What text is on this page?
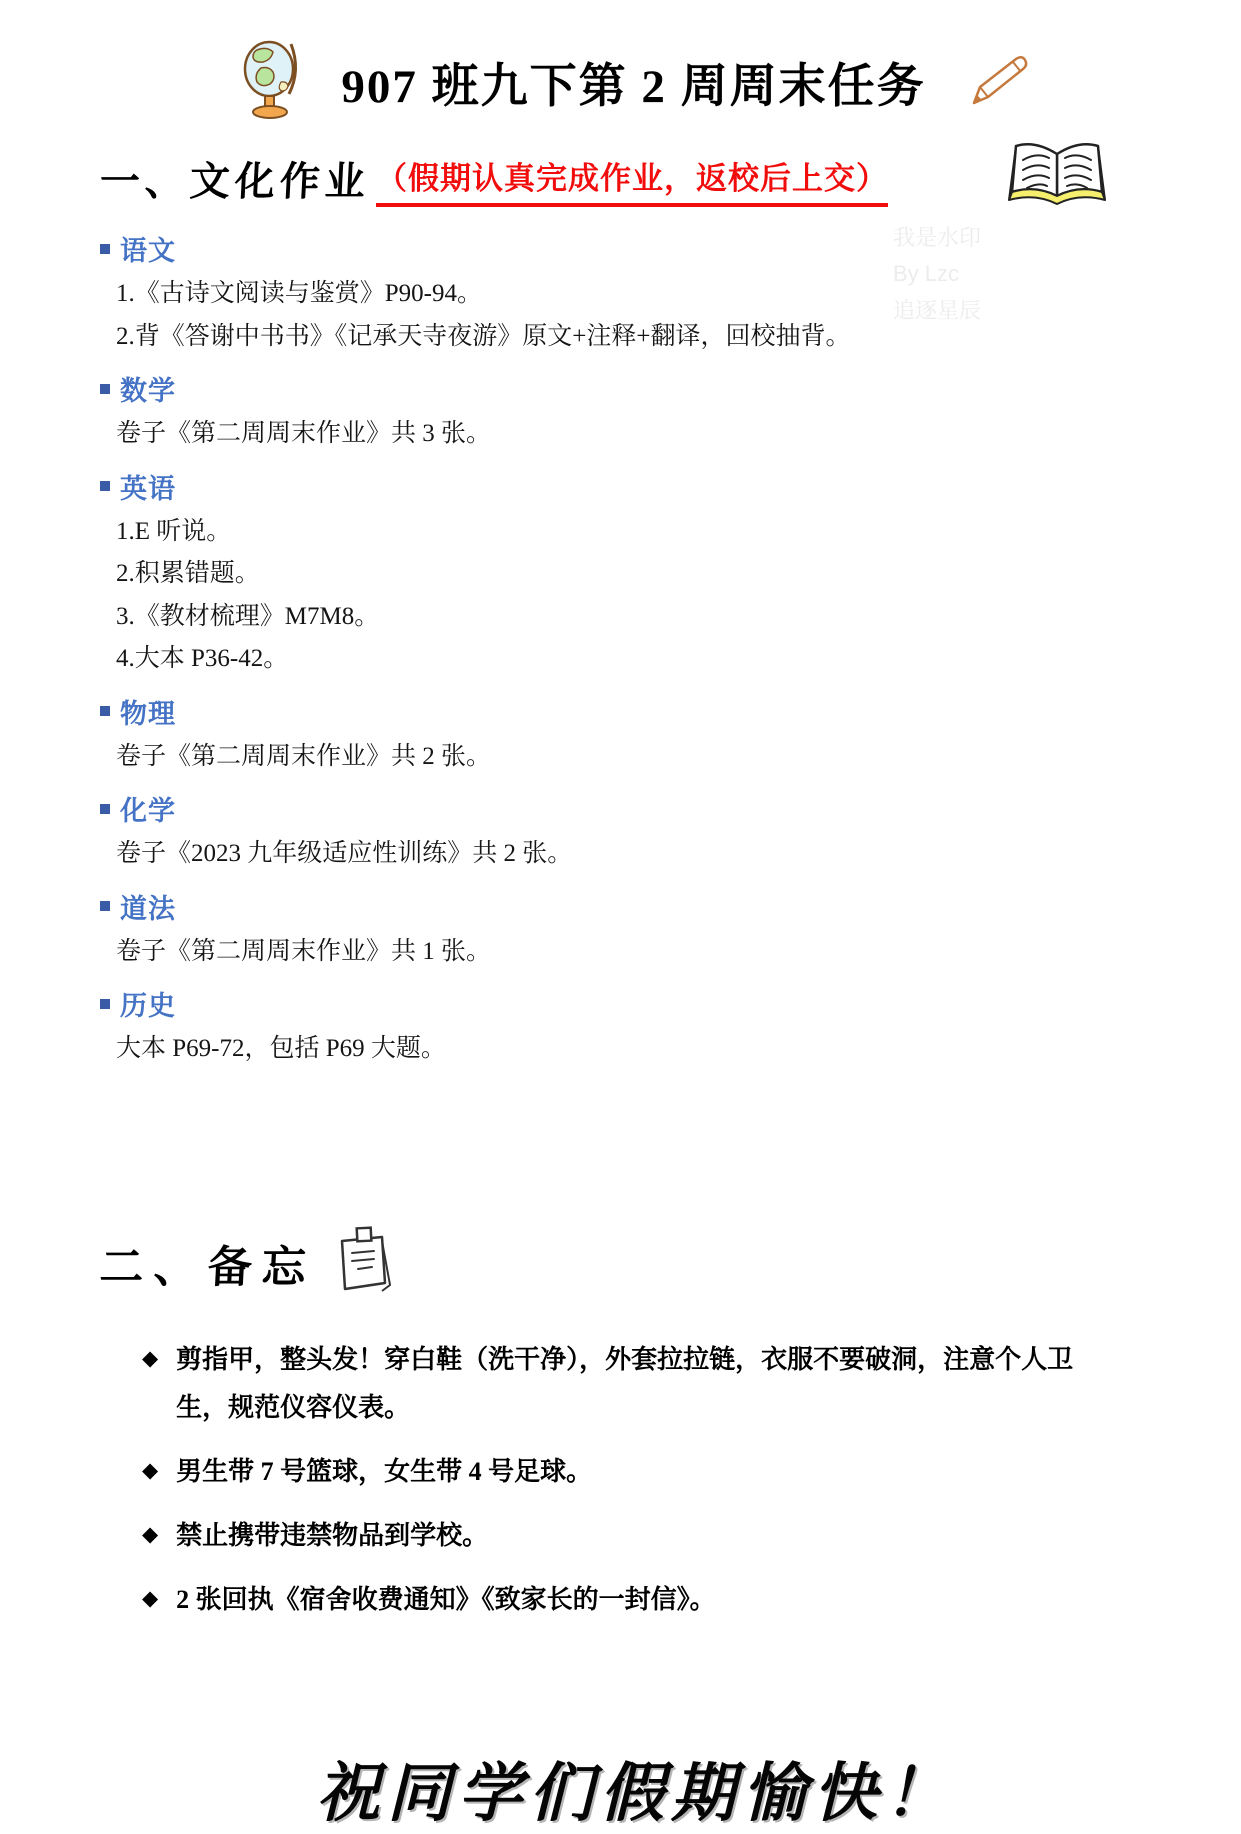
我是水印
By Lzc
追逐星辰
907 班九下第 2 周周末任务
一、文化作业 （假期认真完成作业，返校后上交）
语文
1.《古诗文阅读与鉴赏》P90-94。
2.背《答谢中书书》《记承天寺夜游》原文+注释+翻译，回校抽背。
数学
卷子《第二周周末作业》共 3 张。
英语
1.E 听说。
2.积累错题。
3.《教材梳理》M7M8。
4.大本 P36-42。
物理
卷子《第二周周末作业》共 2 张。
化学
卷子《2023 九年级适应性训练》共 2 张。
道法
卷子《第二周周末作业》共 1 张。
历史
大本 P69-72，包括 P69 大题。
二、备忘
◆ 剪指甲，整头发！穿白鞋（洗干净），外套拉拉链，衣服不要破洞，注意个人卫生，规范仪容仪表。
◆ 男生带 7 号篮球，女生带 4 号足球。
◆ 禁止携带违禁物品到学校。
◆ 2 张回执《宿舍收费通知》《致家长的一封信》。
祝同学们假期愉快！
